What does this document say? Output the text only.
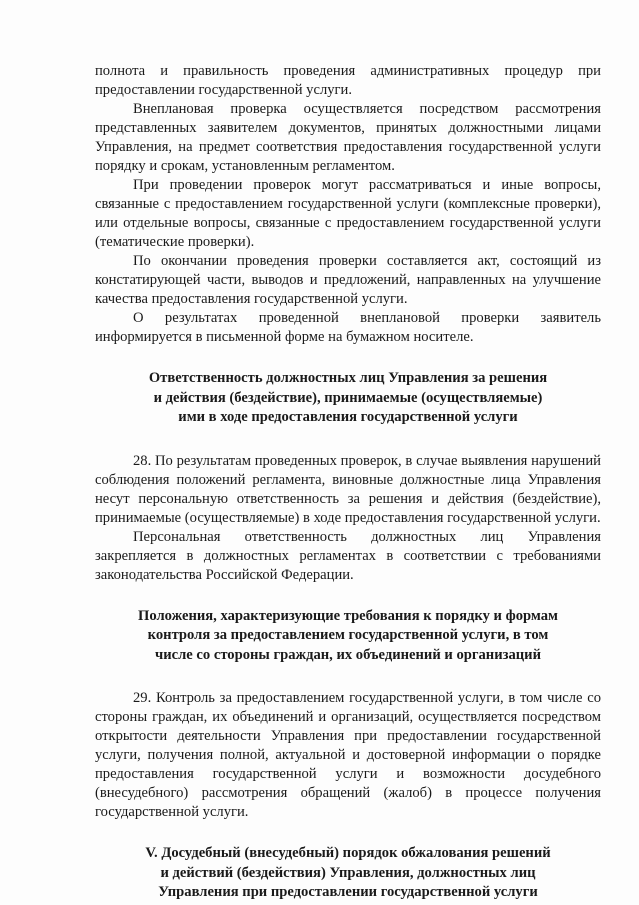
полнота и правильность проведения административных процедур при предоставлении государственной услуги.

Внеплановая проверка осуществляется посредством рассмотрения представленных заявителем документов, принятых должностными лицами Управления, на предмет соответствия предоставления государственной услуги порядку и срокам, установленным регламентом.

При проведении проверок могут рассматриваться и иные вопросы, связанные с предоставлением государственной услуги (комплексные проверки), или отдельные вопросы, связанные с предоставлением государственной услуги (тематические проверки).

По окончании проведения проверки составляется акт, состоящий из констатирующей части, выводов и предложений, направленных на улучшение качества предоставления государственной услуги.

О результатах проведенной внеплановой проверки заявитель информируется в письменной форме на бумажном носителе.

Ответственность должностных лиц Управления за решения
и действия (бездействие), принимаемые (осуществляемые)
ими в ходе предоставления государственной услуги

28. По результатам проведенных проверок, в случае выявления нарушений соблюдения положений регламента, виновные должностные лица Управления несут персональную ответственность за решения и действия (бездействие), принимаемые (осуществляемые) в ходе предоставления государственной услуги.

Персональная ответственность должностных лиц Управления закрепляется в должностных регламентах в соответствии с требованиями законодательства Российской Федерации.

Положения, характеризующие требования к порядку и формам
контроля за предоставлением государственной услуги, в том
числе со стороны граждан, их объединений и организаций

29. Контроль за предоставлением государственной услуги, в том числе со стороны граждан, их объединений и организаций, осуществляется посредством открытости деятельности Управления при предоставлении государственной услуги, получения полной, актуальной и достоверной информации о порядке предоставления государственной услуги и возможности досудебного (внесудебного) рассмотрения обращений (жалоб) в процессе получения государственной услуги.

V. Досудебный (внесудебный) порядок обжалования решений
и действий (бездействия) Управления, должностных лиц
Управления при предоставлении государственной услуги
